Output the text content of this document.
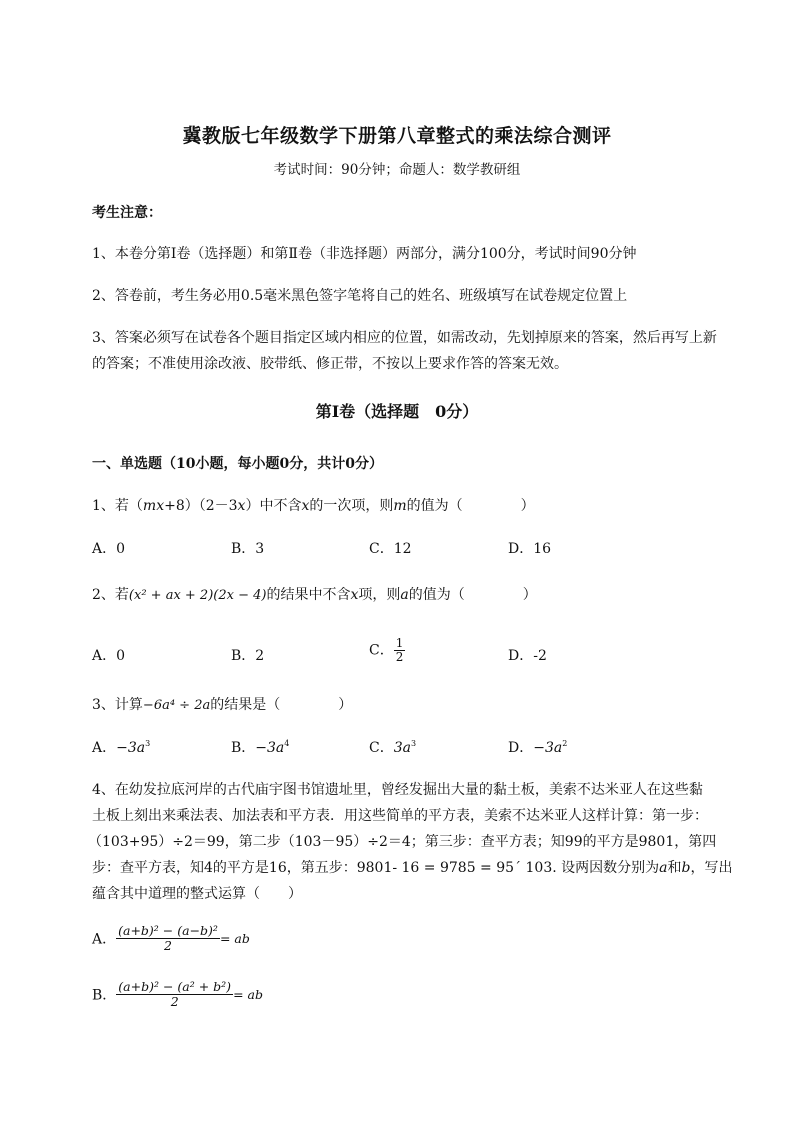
冀教版七年级数学下册第八章整式的乘法综合测评
考试时间：90分钟；命题人：数学教研组
考生注意：
1、本卷分第Ⅰ卷（选择题）和第Ⅱ卷（非选择题）两部分，满分100分，考试时间90分钟
2、答卷前，考生务必用0.5毫米黑色签字笔将自己的姓名、班级填写在试卷规定位置上
3、答案必须写在试卷各个题目指定区域内相应的位置，如需改动，先划掉原来的答案，然后再写上新
的答案；不准使用涂改液、胶带纸、修正带，不按以上要求作答的答案无效。
第Ⅰ卷（选择题　0分）
一、单选题（10小题，每小题0分，共计0分）
1、若（mx+8）（2－3x）中不含x的一次项，则m的值为（	）
A．0	B．3	C．12	D．16
2、若(x² + ax + 2)(2x − 4)的结果中不含x项，则a的值为（	）
A．0	B．2	C． $\frac{1}{2}$	D．-2
3、计算−6a⁴ ÷ 2a的结果是（	）
A．$-3a^3$	B．$-3a^4$	C．$3a^3$	D．$-3a^2$
4、在幼发拉底河岸的古代庙宇图书馆遗址里，曾经发掘出大量的黏土板，美索不达米亚人在这些黏
土板上刻出来乘法表、加法表和平方表．用这些简单的平方表，美索不达米亚人这样计算：第一步：
（103+95）÷2＝99，第二步（103－95）÷2＝4；第三步：查平方表；知99的平方是9801，第四
步：查平方表，知4的平方是16，第五步：9801- 16 = 9785 = 95´ 103. 设两因数分别为a和b，写出
蕴含其中道理的整式运算（　　）
A． $\frac{\text{(a+b)² − (a−b)²}}{2}$ = ab
B． $\frac{\text{(a+b)² − (a² + b²)}}{2}$ = ab
